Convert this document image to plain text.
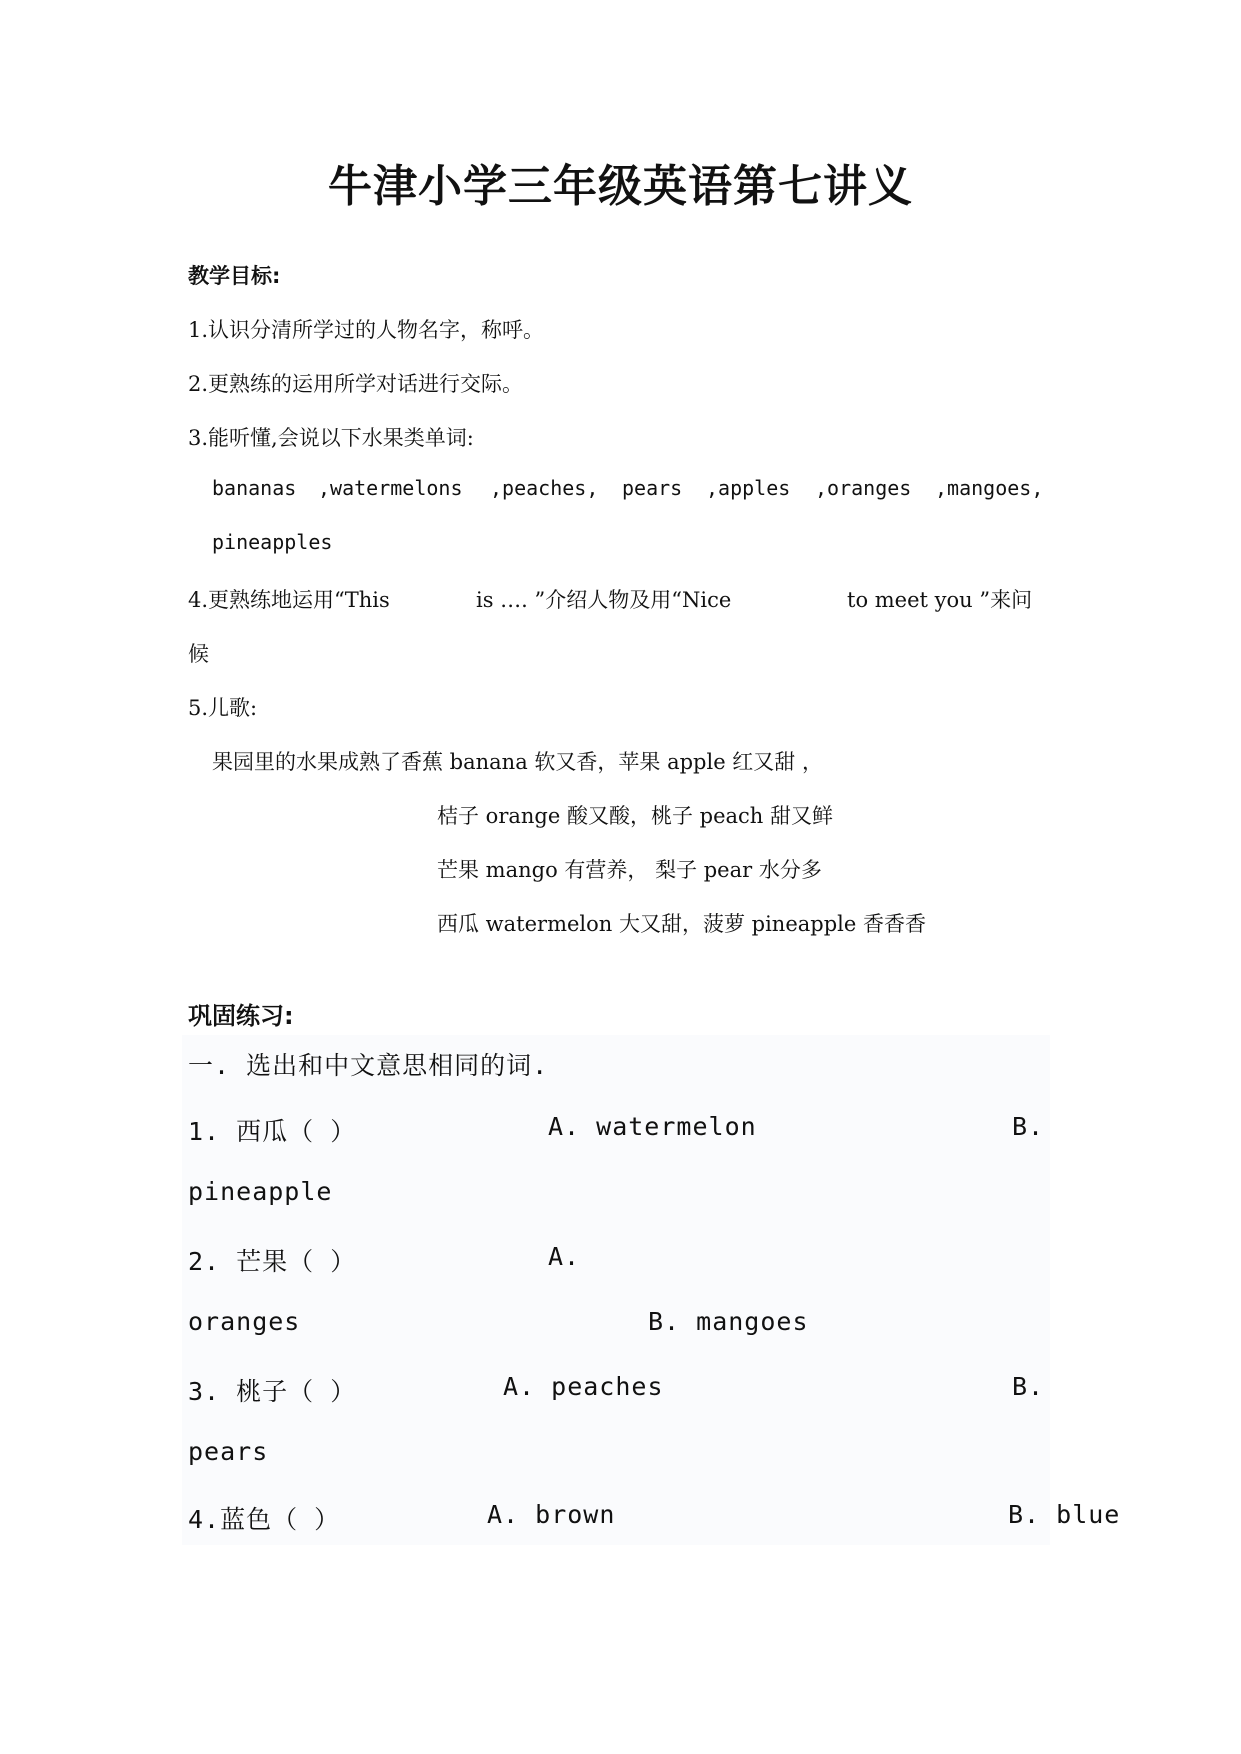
牛津小学三年级英语第七讲义
教学目标:
1.认识分清所学过的人物名字，称呼。
2.更熟练的运用所学对话进行交际。
3.能听懂,会说以下水果类单词:
bananas ,watermelons ,peaches, pears ,apples ,oranges ,mangoes,
pineapples
4.更熟练地运用“This	is …. ”介绍人物及用“Nice	to meet you ”来问
候
5.儿歌:
果园里的水果成熟了香蕉 banana 软又香，苹果 apple 红又甜 ，
桔子 orange 酸又酸，桃子 peach 甜又鲜
芒果 mango 有营养， 梨子 pear 水分多
西瓜 watermelon 大又甜，菠萝 pineapple 香香香
巩固练习:
一. 选出和中文意思相同的词.
1. 西瓜（ ）	A. watermelon	B.
pineapple
2. 芒果（ ）	A.
oranges	B. mangoes
3. 桃子（ ）	A. peaches	B.
pears
4.蓝色（ ）	A. brown	B. blue
